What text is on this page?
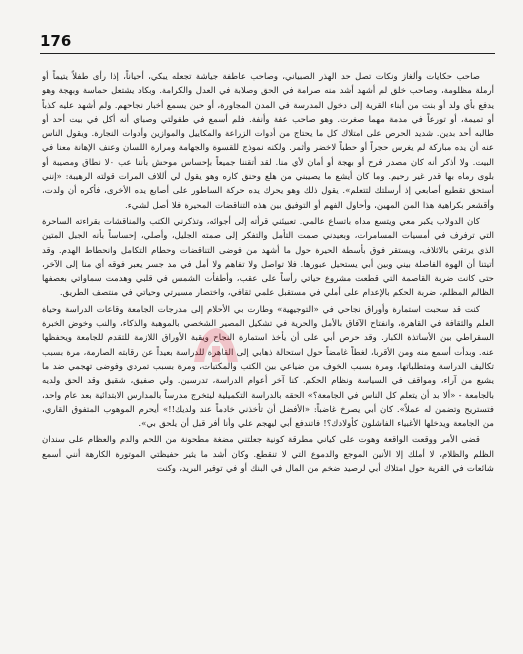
176

صاحب حكايات وألغاز ونكات تصل حد الهذر الصبياني، وصاحب عاطفة جياشة تجعله يبكي، أحياناً، إذا رأى طفلاً يتيماً أو أرملة مظلومة، وصاحب خلق لم أشهد أشد منه صرامة في الحق وصلابة في العدل والكرامة. وبكاد يشتعل حماسة وبهجة وهو يدفع بأي ولد أو بنت من أبناء القرية إلى دخول المدرسة في المدن المجاورة، أو حين يسمع أخبار نجاحهم. ولم أشهد عليه كذباً أو تميمة، أو تورعاً في مدمة مهما صغرت. وهو صاحب عفة وأنفة. فلم أسمع في طفولتي وصباي أنه أكل في بيت أحد أو طالبه أحد بدين. شديد الحرص على امتلاك كل ما يحتاج من أدوات الزراعة والمكاييل والموازين وأدوات النجارة. ويقول الناس عنه أن يده مباركة لم يغرس حجراً أو حطباً لاخضر وأثمر. ولكنه نموذج للقسوة والجهامة ومرارة اللسان وعنف الإهانة معنا في البيت. ولا أذكر أنه كان مصدر فرح أو بهجة أو أمان لأي منا. لقد أتقننا جميعاً بإحساس موحش بأننا عب ٠لا نطاق ومصيبة أو بلوى رماه بها قدر غير رحيم. وما كان أيشع ما يصيبني من هلع وحنق كاره وهو يقول لي أللاف المرات قولته الرهيبة: «إنني أستحق تقطيع أصابعي إذ أرسلتك لتتعلم». يقول ذلك وهو يحرك يده حركة الساطور على أصابع يده الأخرى، فأكره أن ولدت، وأقشعر بكراهية هذا المن المهين، وأحاول الفهم أو التوفيق بين هذه التناقضات المحيرة فلا أصل لشيء.

كان الدولاب يكبر معي ويتسع مداه باتساع عالمي. تعبيئني قرأته إلى أجوائه، وتذكرني الكتب والمناقشات بقراءته الساحرة التي ترفرف في أمسيات المسامرات، وبعيدني صمت التأمل والتفكر إلى صمته الجليل، وأصلي، إحساساً بأنه الجبل المتين الذي يرتقي بالاثلاف، ويستقر فوق بأسطة الحيرة حول ما أشهد من فوضى التناقضات وحطام التكامل وانحطاط الهدم. وقد أتيتنا أن الهوة الفاصلة بيني وبين أبي يستحيل عبورها. فلا تواصل ولا تفاهم ولا أمل في مد جسر يعبر فوقه أي منا إلى الآخر، حتى كانت ضربة القاصمة التي قطعت مشروع حياتي رأساً على عقب، وأطفأت الشمس في قلبي وهدمت سماواتي بعصفها الظالم المظلم، ضربة الحكم بالإعدام على أملي في مستقبل علمي ثقافي، واختصار مسيرتي وحياتي في منتصف الطريق.

كنت قد سحبت استمارة وأوراق نجاحي في «التوجيهية» وطارت بي الأحلام إلى مدرجات الجامعة وقاعات الدراسة وحياة العلم والثقافة في القاهرة، وانفتاح الآفاق بالأمل والحرية في تشكيل المصير الشخصي بالموهبة والذكاء، والنب وخوض الخبرة السقراطي بين الأساتذة الكبار. وقد حرص أبي على أن يأخذ استمارة النجاح ويقبة الأوراق اللازمة للتقدم للجامعة ويحفظها عنه. وبدأت أسمع منه ومن الأقربا، لغطاً غامضاً حول استحالة ذهابي إلى القاهرة للدراسة بعيداً عن رقابته الصارمة، مرة بسبب تكاليف الدراسة ومتطلباتها، ومرة بسبب الخوف من ضياعي بين الكتب والمكتبات، ومرة بسبب تمردي وفوضى تهجمي ضد ما يشيع من آراء، ومواقف في السياسة ونظام الحكم. كنا آخر أعوام الدراسة، تدرسين. ولي صفيق، شقيق وقد الحق ولديه بالجامعة - «ألا بد أن يتعلم كل الناس في الجامعة؟» الحقه بالدراسة التكميلية ليتخرج مدرساً بالمدارس الابتدائية بعد عام واحد، فتستريح وتضمن له عملاً». كان أبي يصرخ غاضباً: «الأفضل أن تأخذني خادماً عند ولديك!!» أيحرم الموهوب المتفوق القاري، من الجامعة ويدخلها الأغبياء الفاشلون كأولادك؟! فاتندفع أبي ليهجم علي وأنا أفر قبل أن يلحق بي».

قضى الأمر ووقعت الواقعة وهوت على كياني مطرقة كونية جعلتني مضغة مطحونة من اللحم والدم والعظام على سندان الظلم والظلام، لا أملك إلا الأنين الموجع والدموع التي لا تنقطع. وكان أشد ما يثير حفيظتي الموتورة الكارهة أنني أسمع شائعات في القرية حول امتلاك أبي لرصيد ضخم من المال في البنك أو في توفير البريد، وكنت
